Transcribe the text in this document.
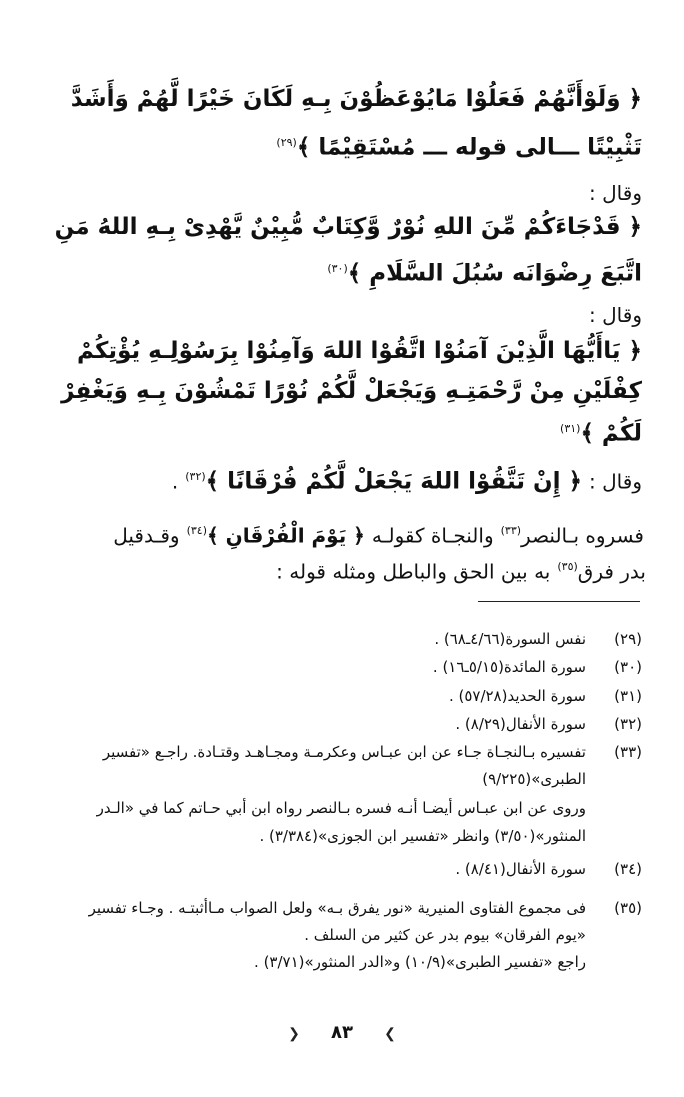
﴿ وَلَوْأَنَّهُمْ فَعَلُوْا مَايُوْعَظُوْنَ بِـهِ لَكَانَ خَيْرًا لَّهُمْ وَأَشَدَّ
تَثْبِيْتًا ـــالى قوله ـــ مُسْتَقِيْمًا ﴾$^{(٢٩)}$
وقال :
﴿ قَدْجَاءَكُمْ مِّنَ اللهِ نُوْرٌ وَّكِتَابٌ مُّبِيْنٌ يَّهْدِىْ بِـهِ اللهُ مَنِ
اتَّبَعَ رِضْوَانَه سُبُلَ السَّلَامِ ﴾$^{(٣٠)}$
وقال :
﴿ يَاأَيُّهَا الَّذِيْنَ آمَنُوْا اتَّقُوْا اللهَ وَآمِنُوْا بِرَسُوْلِـهِ يُؤْتِكُمْ
كِفْلَيْنِ مِنْ رَّحْمَتِـهِ وَيَجْعَلْ لَّكُمْ نُوْرًا تَمْشُوْنَ بِـهِ وَيَغْفِرْ
لَكُمْ ﴾$^{(٣١)}$
وقال : ﴿ إِنْ تَتَّقُوْا اللهَ يَجْعَلْ لَّكُمْ فُرْقَانًا ﴾$^{(٣٢)}$ .
فسروه بـالنصر$^{(٣٣)}$ والنجـاة كقولـه ﴿ يَوْمَ الْفُرْقَانِ ﴾$^{(٣٤)}$ وقـدقيل
بدر فرق$^{(٣٥)}$ به بين الحق والباطل ومثله قوله :
(٢٩)
نفس السورة(٤/٦٦ـ٦٨) .
(٣٠)
سورة المائدة(٥/١٥ـ١٦) .
(٣١)
سورة الحديد(٥٧/٢٨) .
(٣٢)
سورة الأنفال(٨/٢٩) .
(٣٣)
تفسيره بـالنجـاة جـاء عن ابن عبـاس وعكرمـة ومجـاهـد وقتـادة. راجـع «تفسير
الطبرى»(٩/٢٢٥)
وروى عن ابن عبـاس أيضـا أنـه فسره بـالنصر رواه ابن أبي حـاتم كما في «الـدر
المنثور»(٣/٥٠) وانظر «تفسير ابن الجوزى»(٣/٣٨٤) .
(٣٤)
سورة الأنفال(٨/٤١) .
(٣٥)
فى مجموع الفتاوى المنيرية «نور يفرق بـه» ولعل الصواب مـاأثبتـه . وجـاء تفسير
«يوم الفرقان» بيوم بدر عن كثير من السلف .
راجع «تفسير الطبرى»(١٠/٩) و«الدر المنثور»(٣/٧١) .
❯ ٨٣ ❮
